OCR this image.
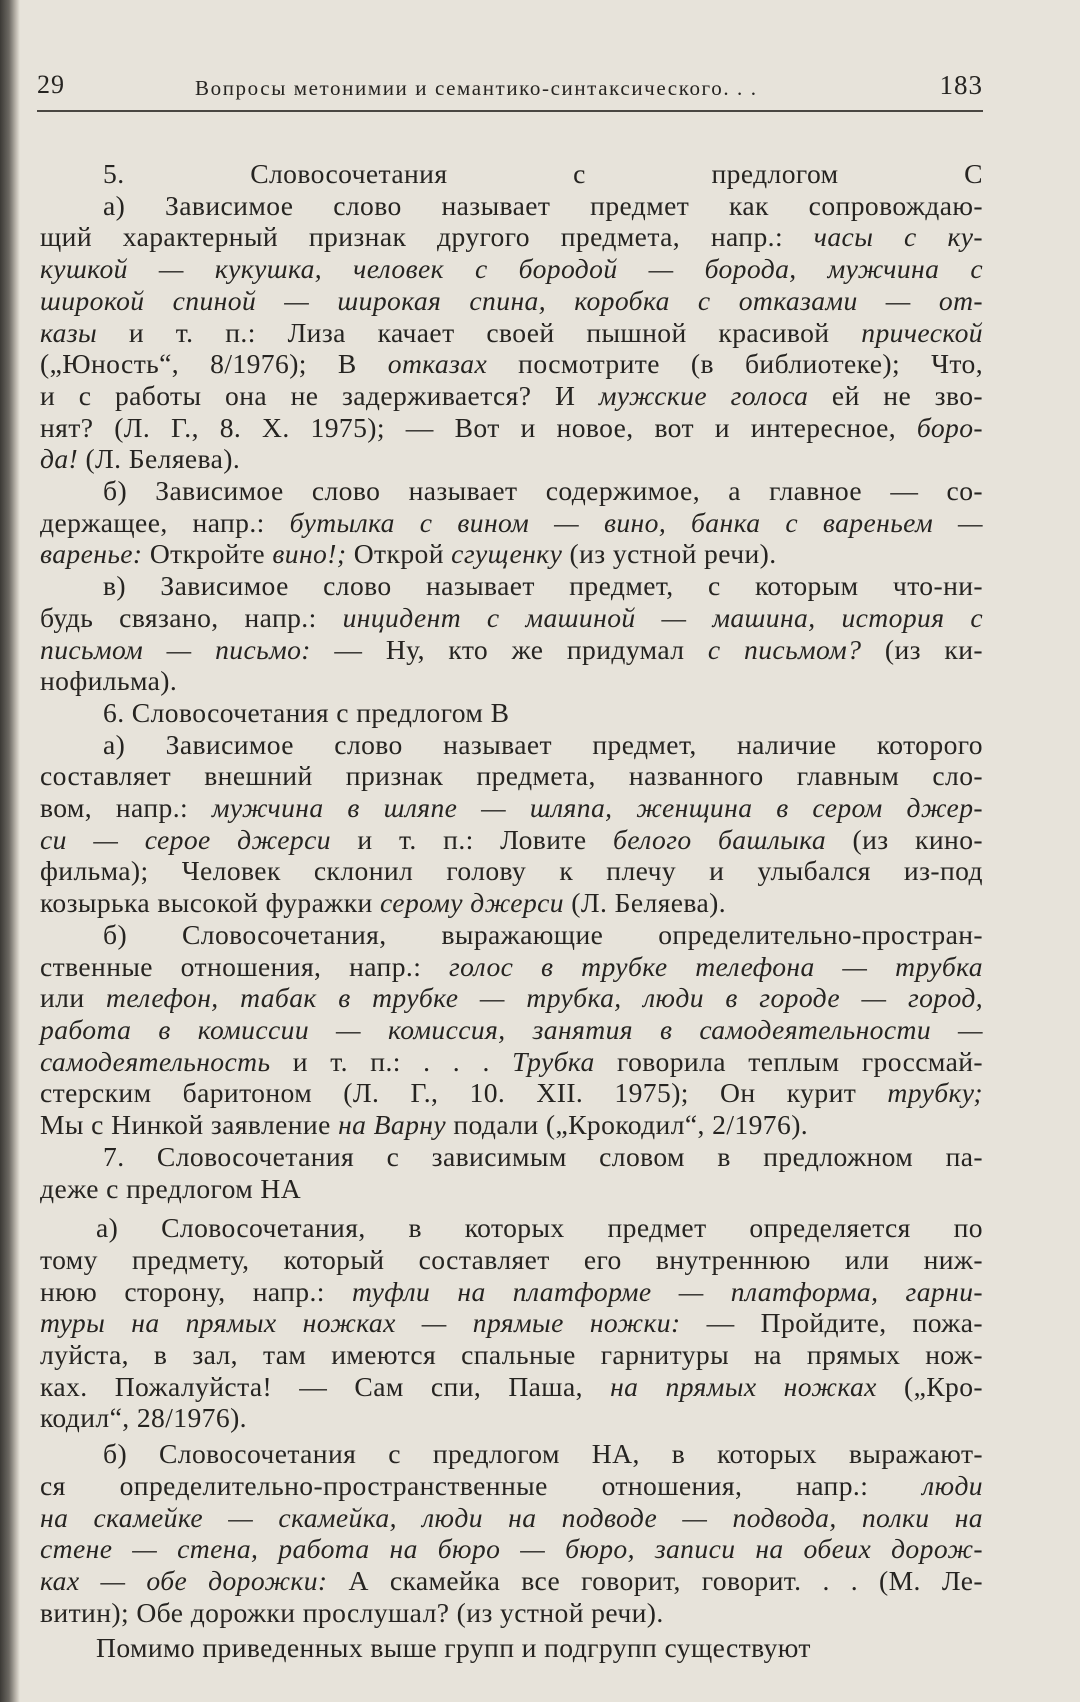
29	Вопросы метонимии и семантико-синтаксического. . .	183
5. Словосочетания с предлогом С
а) Зависимое слово называет предмет как сопровождаю-
щий характерный признак другого предмета, напр.: часы с ку-
кушкой — кукушка, человек с бородой — борода, мужчина с
широкой спиной — широкая спина, коробка с отказами — от-
казы и т. п.: Лиза качает своей пышной красивой прической
(„Юность“, 8/1976); В отказах посмотрите (в библиотеке); Что,
и с работы она не задерживается? И мужские голоса ей не зво-
нят? (Л. Г., 8. X. 1975); — Вот и новое, вот и интересное, боро-
да! (Л. Беляева).
б) Зависимое слово называет содержимое, а главное — со-
держащее, напр.: бутылка с вином — вино, банка с вареньем —
варенье: Откройте вино!; Открой сгущенку (из устной речи).
в) Зависимое слово называет предмет, с которым что-ни-
будь связано, напр.: инцидент с машиной — машина, история с
письмом — письмо: — Ну, кто же придумал с письмом? (из ки-
нофильма).
6. Словосочетания с предлогом В
а) Зависимое слово называет предмет, наличие которого
составляет внешний признак предмета, названного главным сло-
вом, напр.: мужчина в шляпе — шляпа, женщина в сером джер-
си — серое джерси и т. п.: Ловите белого башлыка (из кино-
фильма); Человек склонил голову к плечу и улыбался из-под
козырька высокой фуражки серому джерси (Л. Беляева).
б) Словосочетания, выражающие определительно-простран-
ственные отношения, напр.: голос в трубке телефона — трубка
или телефон, табак в трубке — трубка, люди в городе — город,
работа в комиссии — комиссия, занятия в самодеятельности —
самодеятельность и т. п.: . . . Трубка говорила теплым гроссмай-
стерским баритоном (Л. Г., 10. XII. 1975); Он курит трубку;
Мы с Нинкой заявление на Варну подали („Крокодил“, 2/1976).
7. Словосочетания с зависимым словом в предложном па-
деже с предлогом НА
а) Словосочетания, в которых предмет определяется по
тому предмету, который составляет его внутреннюю или ниж-
нюю сторону, напр.: туфли на платформе — платформа, гарни-
туры на прямых ножках — прямые ножки: — Пройдите, пожа-
луйста, в зал, там имеются спальные гарнитуры на прямых нож-
ках. Пожалуйста! — Сам спи, Паша, на прямых ножках („Кро-
кодил“, 28/1976).
б) Словосочетания с предлогом НА, в которых выражают-
ся определительно-пространственные отношения, напр.: люди
на скамейке — скамейка, люди на подводе — подвода, полки на
стене — стена, работа на бюро — бюро, записи на обеих дорож-
ках — обе дорожки: А скамейка все говорит, говорит. . . (М. Ле-
витин); Обе дорожки прослушал? (из устной речи).
Помимо приведенных выше групп и подгрупп существуют
